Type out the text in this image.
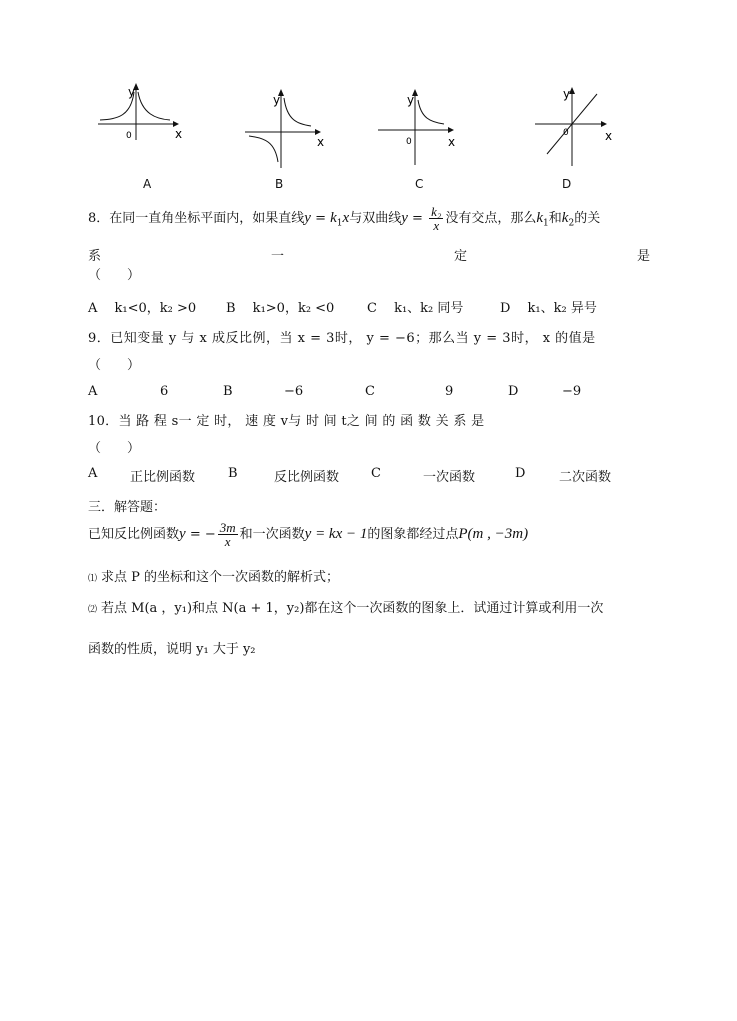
0	x
y
A
x
y
B
0	x
y
C
0	x
y
D
8．在同一直角坐标平面内，如果直线$y = k_1x$与双曲线$y = \frac{\text{k₂}}{x}$ 没有交点，那么$k_1$和$k_2$的关
系	一	定	是
（　　）
A　 k₁<0，k₂ >0 B　 k₁>0，k₂ <0	C　 k₁、k₂ 同号	D　 k₁、k₂ 异号
9．已知变量 y 与 x 成反比例，当 x = 3时， y = −6；那么当 y = 3时， x 的值是
（　　）
A	6	B	−6	C	9	D	−9
10．当 路 程 s一 定 时， 速 度 v与 时 间 t之 间 的 函 数 关 系 是
（　　）
A	正比例函数	B	反比例函数 C	一次函数	D	二次函数
三．解答题：
已知反比例函数y = − $\frac{3m}{x}$ 和一次函数y = kx − 1的图象都经过点P(m , −3m)
⑴ 求点 P 的坐标和这个一次函数的解析式；
⑵ 若点 M(a ，y₁)和点 N(a + 1，y₂)都在这个一次函数的图象上．试通过计算或利用一次
函数的性质，说明 y₁ 大于 y₂
